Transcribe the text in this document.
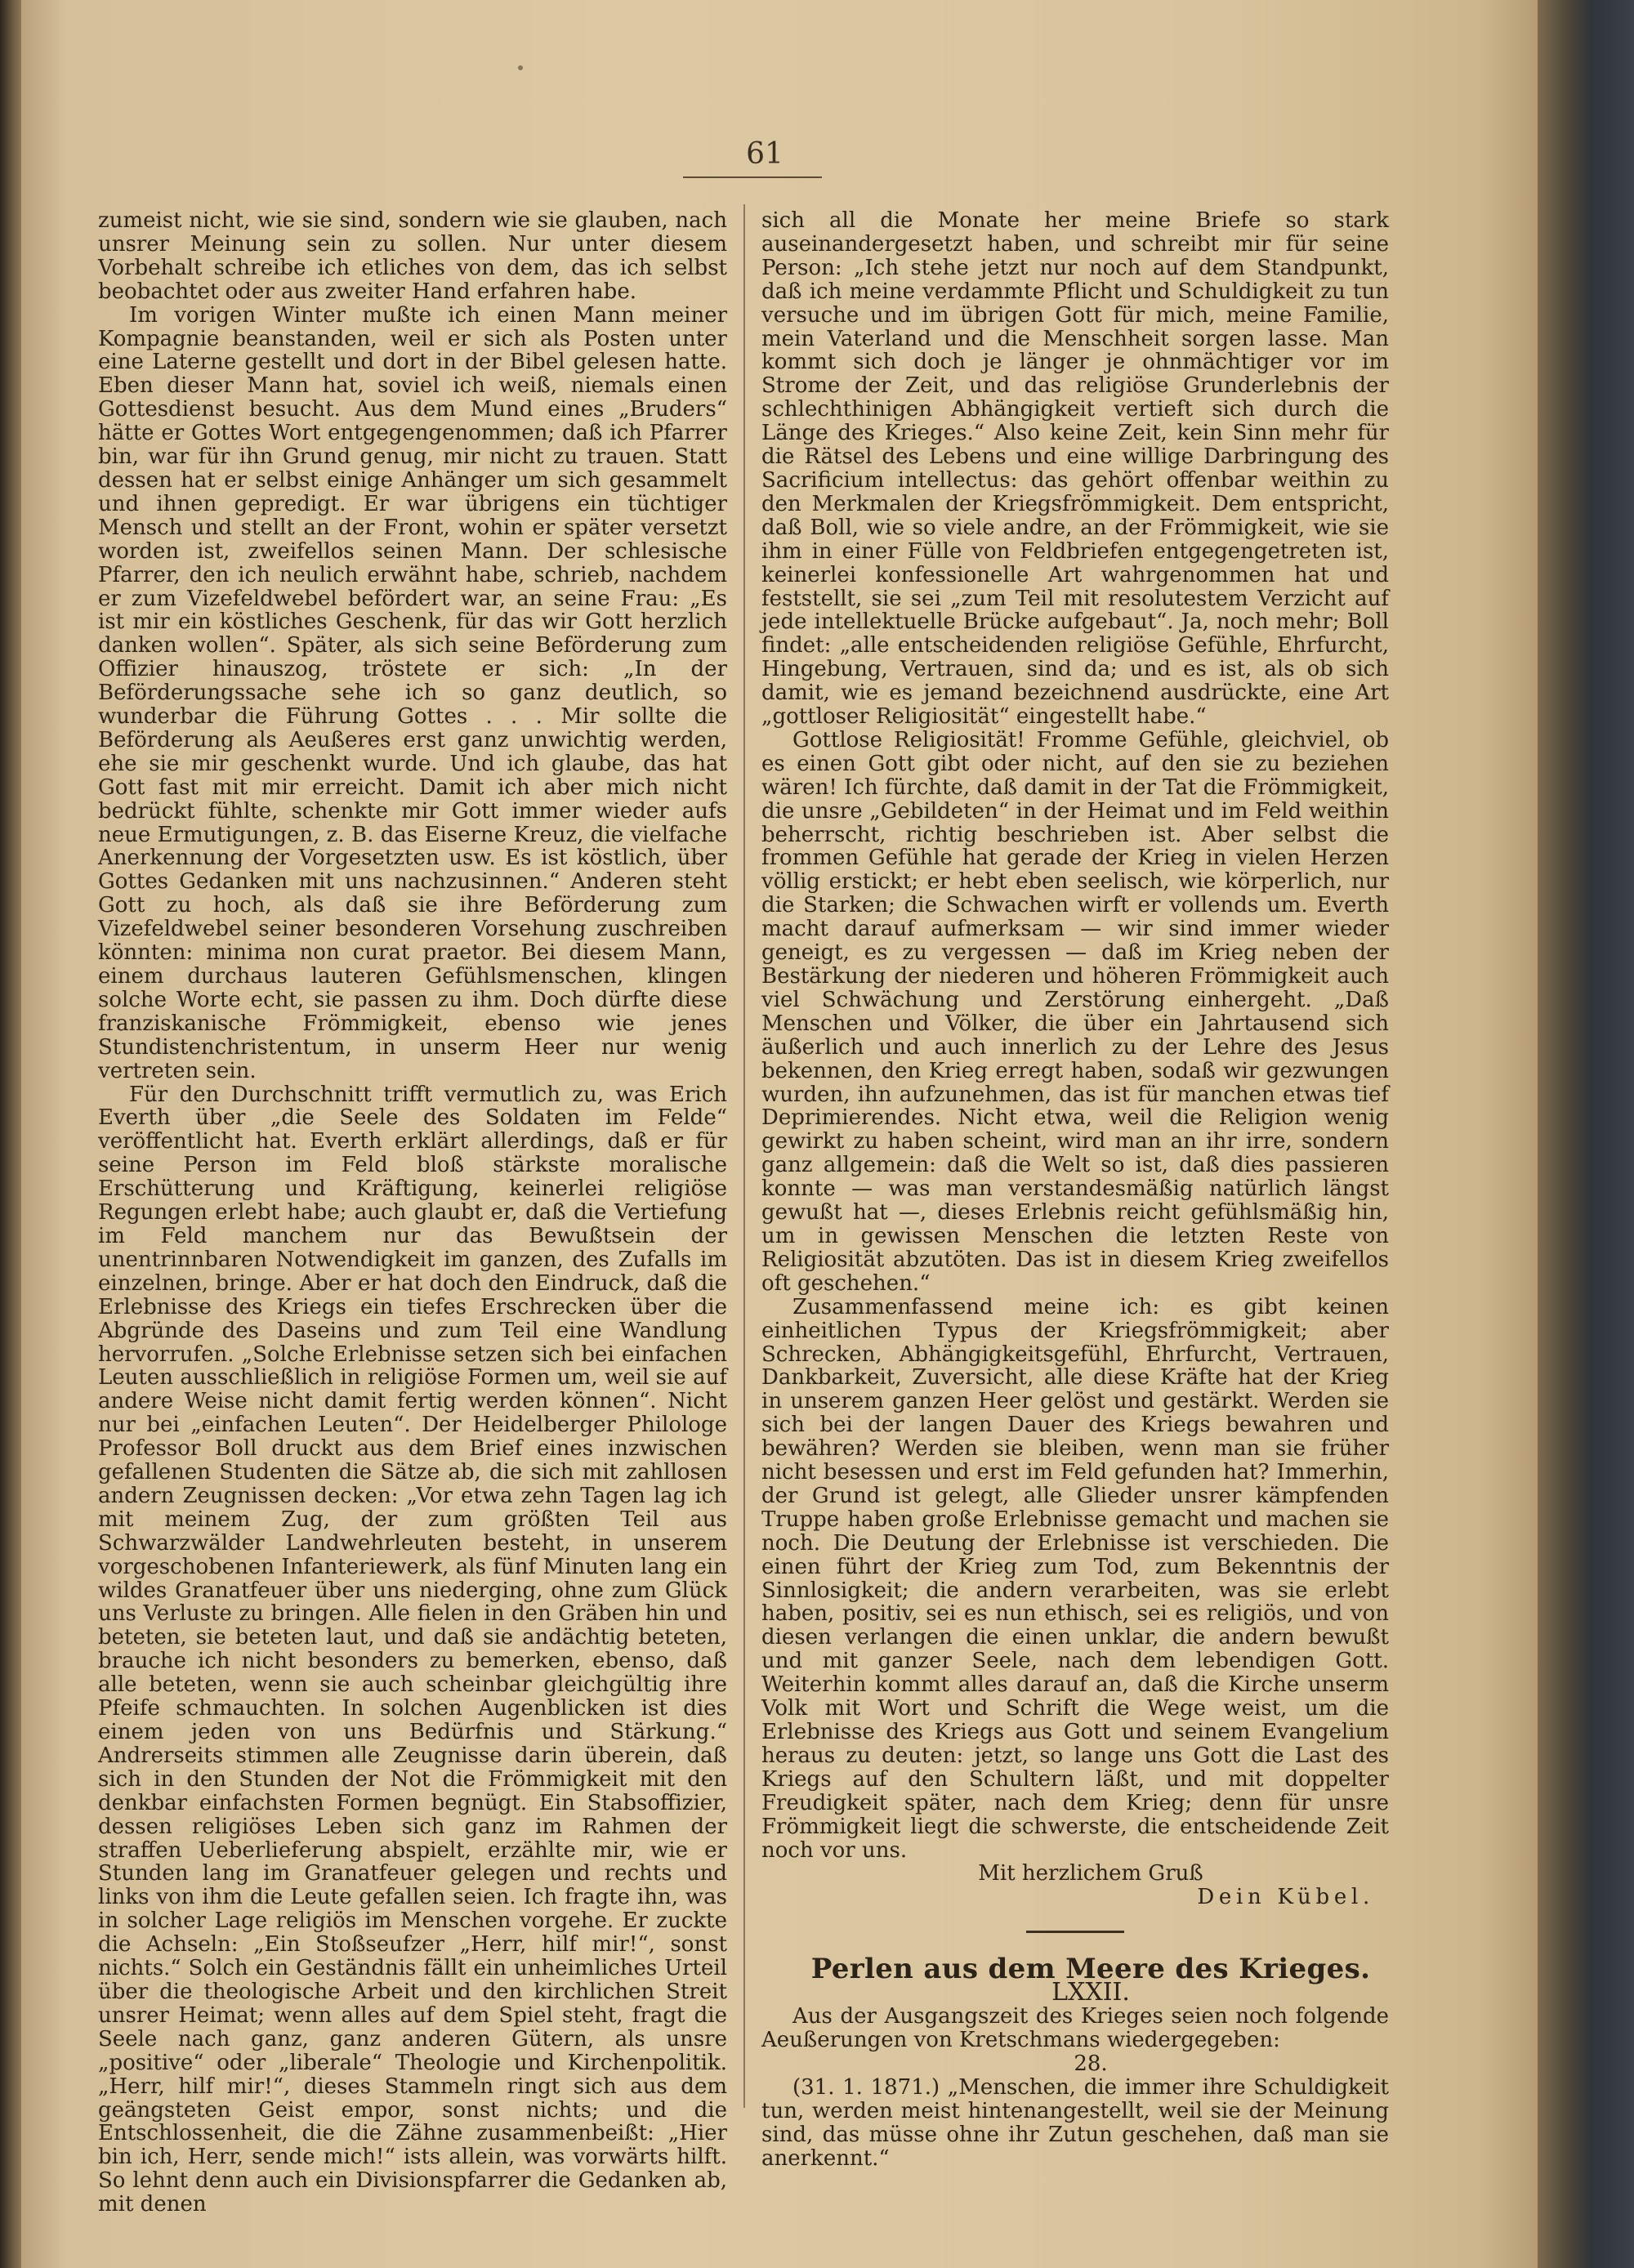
61

zumeist nicht, wie sie sind, sondern wie sie glauben, nach unsrer Meinung sein zu sollen. Nur unter diesem Vorbehalt schreibe ich etliches von dem, das ich selbst beobachtet oder aus zweiter Hand erfahren habe.

Im vorigen Winter mußte ich einen Mann meiner Kompagnie beanstanden, weil er sich als Posten unter eine Laterne gestellt und dort in der Bibel gelesen hatte. Eben dieser Mann hat, soviel ich weiß, niemals einen Gottesdienst besucht. Aus dem Mund eines „Bruders“ hätte er Gottes Wort entgegengenommen; daß ich Pfarrer bin, war für ihn Grund genug, mir nicht zu trauen. Statt dessen hat er selbst einige Anhänger um sich gesammelt und ihnen gepredigt. Er war übrigens ein tüchtiger Mensch und stellt an der Front, wohin er später versetzt worden ist, zweifellos seinen Mann. Der schlesische Pfarrer, den ich neulich erwähnt habe, schrieb, nachdem er zum Vizefeldwebel befördert war, an seine Frau: „Es ist mir ein köstliches Geschenk, für das wir Gott herzlich danken wollen“. Später, als sich seine Beförderung zum Offizier hinauszog, tröstete er sich: „In der Beförderungssache sehe ich so ganz deutlich, so wunderbar die Führung Gottes . . . Mir sollte die Beförderung als Aeußeres erst ganz unwichtig werden, ehe sie mir geschenkt wurde. Und ich glaube, das hat Gott fast mit mir erreicht. Damit ich aber mich nicht bedrückt fühlte, schenkte mir Gott immer wieder aufs neue Ermutigungen, z. B. das Eiserne Kreuz, die vielfache Anerkennung der Vorgesetzten usw. Es ist köstlich, über Gottes Gedanken mit uns nachzusinnen.“ Anderen steht Gott zu hoch, als daß sie ihre Beförderung zum Vizefeldwebel seiner besonderen Vorsehung zuschreiben könnten: minima non curat praetor. Bei diesem Mann, einem durchaus lauteren Gefühlsmenschen, klingen solche Worte echt, sie passen zu ihm. Doch dürfte diese franziskanische Frömmigkeit, ebenso wie jenes Stundistenchristentum, in unserm Heer nur wenig vertreten sein.

Für den Durchschnitt trifft vermutlich zu, was Erich Everth über „die Seele des Soldaten im Felde“ veröffentlicht hat. Everth erklärt allerdings, daß er für seine Person im Feld bloß stärkste moralische Erschütterung und Kräftigung, keinerlei religiöse Regungen erlebt habe; auch glaubt er, daß die Vertiefung im Feld manchem nur das Bewußtsein der unentrinnbaren Notwendigkeit im ganzen, des Zufalls im einzelnen, bringe. Aber er hat doch den Eindruck, daß die Erlebnisse des Kriegs ein tiefes Erschrecken über die Abgründe des Daseins und zum Teil eine Wandlung hervorrufen. „Solche Erlebnisse setzen sich bei einfachen Leuten ausschließlich in religiöse Formen um, weil sie auf andere Weise nicht damit fertig werden können“. Nicht nur bei „einfachen Leuten“. Der Heidelberger Philologe Professor Boll druckt aus dem Brief eines inzwischen gefallenen Studenten die Sätze ab, die sich mit zahllosen andern Zeugnissen decken: „Vor etwa zehn Tagen lag ich mit meinem Zug, der zum größten Teil aus Schwarzwälder Landwehrleuten besteht, in unserem vorgeschobenen Infanteriewerk, als fünf Minuten lang ein wildes Granatfeuer über uns niederging, ohne zum Glück uns Verluste zu bringen. Alle fielen in den Gräben hin und beteten, sie beteten laut, und daß sie andächtig beteten, brauche ich nicht besonders zu bemerken, ebenso, daß alle beteten, wenn sie auch scheinbar gleichgültig ihre Pfeife schmauchten. In solchen Augenblicken ist dies einem jeden von uns Bedürfnis und Stärkung.“ Andrerseits stimmen alle Zeugnisse darin überein, daß sich in den Stunden der Not die Frömmigkeit mit den denkbar einfachsten Formen begnügt. Ein Stabsoffizier, dessen religiöses Leben sich ganz im Rahmen der straffen Ueberlieferung abspielt, erzählte mir, wie er Stunden lang im Granatfeuer gelegen und rechts und links von ihm die Leute gefallen seien. Ich fragte ihn, was in solcher Lage religiös im Menschen vorgehe. Er zuckte die Achseln: „Ein Stoßseufzer „Herr, hilf mir!“, sonst nichts.“ Solch ein Geständnis fällt ein unheimliches Urteil über die theologische Arbeit und den kirchlichen Streit unsrer Heimat; wenn alles auf dem Spiel steht, fragt die Seele nach ganz, ganz anderen Gütern, als unsre „positive“ oder „liberale“ Theologie und Kirchenpolitik. „Herr, hilf mir!“, dieses Stammeln ringt sich aus dem geängsteten Geist empor, sonst nichts; und die Entschlossenheit, die die Zähne zusammenbeißt: „Hier bin ich, Herr, sende mich!“ ists allein, was vorwärts hilft. So lehnt denn auch ein Divisionspfarrer die Gedanken ab, mit denen

sich all die Monate her meine Briefe so stark auseinandergesetzt haben, und schreibt mir für seine Person: „Ich stehe jetzt nur noch auf dem Standpunkt, daß ich meine verdammte Pflicht und Schuldigkeit zu tun versuche und im übrigen Gott für mich, meine Familie, mein Vaterland und die Menschheit sorgen lasse. Man kommt sich doch je länger je ohnmächtiger vor im Strome der Zeit, und das religiöse Grunderlebnis der schlechthinigen Abhängigkeit vertieft sich durch die Länge des Krieges.“ Also keine Zeit, kein Sinn mehr für die Rätsel des Lebens und eine willige Darbringung des Sacrificium intellectus: das gehört offenbar weithin zu den Merkmalen der Kriegsfrömmigkeit. Dem entspricht, daß Boll, wie so viele andre, an der Frömmigkeit, wie sie ihm in einer Fülle von Feldbriefen entgegengetreten ist, keinerlei konfessionelle Art wahrgenommen hat und feststellt, sie sei „zum Teil mit resolutestem Verzicht auf jede intellektuelle Brücke aufgebaut“. Ja, noch mehr; Boll findet: „alle entscheidenden religiöse Gefühle, Ehrfurcht, Hingebung, Vertrauen, sind da; und es ist, als ob sich damit, wie es jemand bezeichnend ausdrückte, eine Art „gottloser Religiosität“ eingestellt habe.“

Gottlose Religiosität! Fromme Gefühle, gleichviel, ob es einen Gott gibt oder nicht, auf den sie zu beziehen wären! Ich fürchte, daß damit in der Tat die Frömmigkeit, die unsre „Gebildeten“ in der Heimat und im Feld weithin beherrscht, richtig beschrieben ist. Aber selbst die frommen Gefühle hat gerade der Krieg in vielen Herzen völlig erstickt; er hebt eben seelisch, wie körperlich, nur die Starken; die Schwachen wirft er vollends um. Everth macht darauf aufmerksam — wir sind immer wieder geneigt, es zu vergessen — daß im Krieg neben der Bestärkung der niederen und höheren Frömmigkeit auch viel Schwächung und Zerstörung einhergeht. „Daß Menschen und Völker, die über ein Jahrtausend sich äußerlich und auch innerlich zu der Lehre des Jesus bekennen, den Krieg erregt haben, sodaß wir gezwungen wurden, ihn aufzunehmen, das ist für manchen etwas tief Deprimierendes. Nicht etwa, weil die Religion wenig gewirkt zu haben scheint, wird man an ihr irre, sondern ganz allgemein: daß die Welt so ist, daß dies passieren konnte — was man verstandesmäßig natürlich längst gewußt hat —, dieses Erlebnis reicht gefühlsmäßig hin, um in gewissen Menschen die letzten Reste von Religiosität abzutöten. Das ist in diesem Krieg zweifellos oft geschehen.“

Zusammenfassend meine ich: es gibt keinen einheitlichen Typus der Kriegsfrömmigkeit; aber Schrecken, Abhängigkeitsgefühl, Ehrfurcht, Vertrauen, Dankbarkeit, Zuversicht, alle diese Kräfte hat der Krieg in unserem ganzen Heer gelöst und gestärkt. Werden sie sich bei der langen Dauer des Kriegs bewahren und bewähren? Werden sie bleiben, wenn man sie früher nicht besessen und erst im Feld gefunden hat? Immerhin, der Grund ist gelegt, alle Glieder unsrer kämpfenden Truppe haben große Erlebnisse gemacht und machen sie noch. Die Deutung der Erlebnisse ist verschieden. Die einen führt der Krieg zum Tod, zum Bekenntnis der Sinnlosigkeit; die andern verarbeiten, was sie erlebt haben, positiv, sei es nun ethisch, sei es religiös, und von diesen verlangen die einen unklar, die andern bewußt und mit ganzer Seele, nach dem lebendigen Gott. Weiterhin kommt alles darauf an, daß die Kirche unserm Volk mit Wort und Schrift die Wege weist, um die Erlebnisse des Kriegs aus Gott und seinem Evangelium heraus zu deuten: jetzt, so lange uns Gott die Last des Kriegs auf den Schultern läßt, und mit doppelter Freudigkeit später, nach dem Krieg; denn für unsre Frömmigkeit liegt die schwerste, die entscheidende Zeit noch vor uns.

Mit herzlichem Gruß

Dein Kübel.

Perlen aus dem Meere des Krieges.

LXXII.

Aus der Ausgangszeit des Krieges seien noch folgende Aeußerungen von Kretschmans wiedergegeben:

28.

(31. 1. 1871.) „Menschen, die immer ihre Schuldigkeit tun, werden meist hintenangestellt, weil sie der Meinung sind, das müsse ohne ihr Zutun geschehen, daß man sie anerkennt.“
